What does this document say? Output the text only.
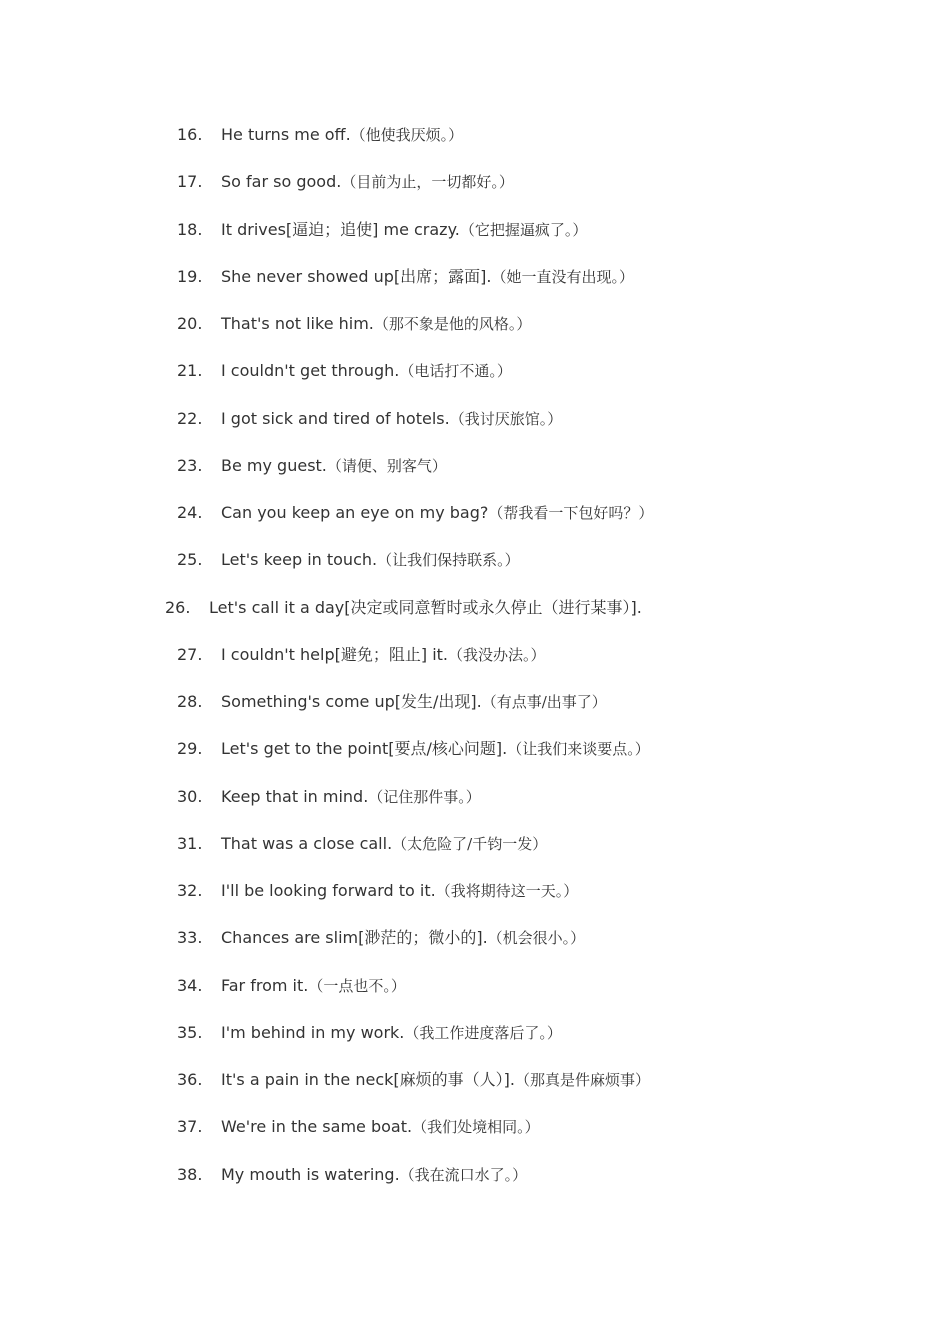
16. He turns me off.（他使我厌烦。）
17. So far so good.（目前为止，一切都好。）
18. It drives[逼迫；追使] me crazy.（它把握逼疯了。）
19. She never showed up[出席；露面].（她一直没有出现。）
20. That's not like him.（那不象是他的风格。）
21. I couldn't get through.（电话打不通。）
22. I got sick and tired of hotels.（我讨厌旅馆。）
23. Be my guest.（请便、别客气）
24. Can you keep an eye on my bag?（帮我看一下包好吗？）
25. Let's keep in touch.（让我们保持联系。）
26. Let's call it a day[决定或同意暂时或永久停止（进行某事）].
27. I couldn't help[避免；阻止] it.（我没办法。）
28. Something's come up[发生/出现].（有点事/出事了）
29. Let's get to the point[要点/核心问题].（让我们来谈要点。）
30. Keep that in mind.（记住那件事。）
31. That was a close call.（太危险了/千钧一发）
32. I'll be looking forward to it.（我将期待这一天。）
33. Chances are slim[渺茫的；微小的].（机会很小。）
34. Far from it.（一点也不。）
35. I'm behind in my work.（我工作进度落后了。）
36. It's a pain in the neck[麻烦的事（人）].（那真是件麻烦事）
37. We're in the same boat.（我们处境相同。）
38. My mouth is watering.（我在流口水了。）
